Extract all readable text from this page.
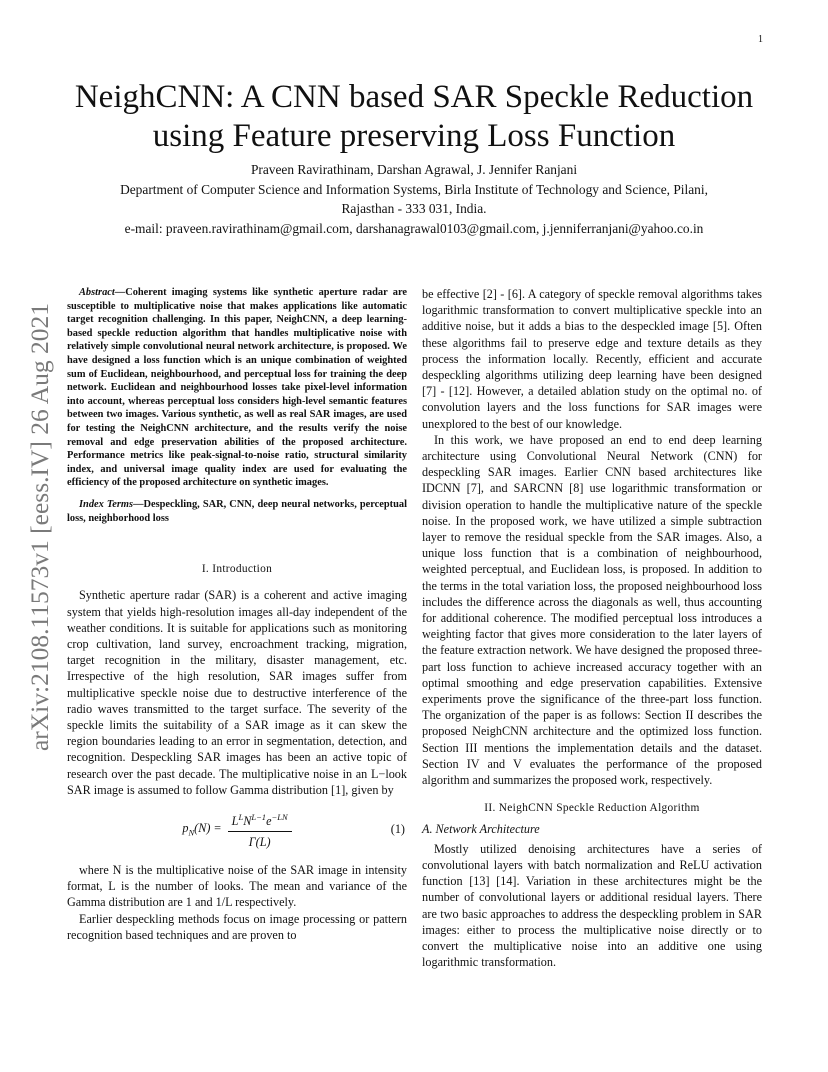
1
arXiv:2108.11573v1 [eess.IV] 26 Aug 2021
NeighCNN: A CNN based SAR Speckle Reduction
using Feature preserving Loss Function
Praveen Ravirathinam, Darshan Agrawal, J. Jennifer Ranjani
Department of Computer Science and Information Systems, Birla Institute of Technology and Science, Pilani,
Rajasthan - 333 031, India.
e-mail: praveen.ravirathinam@gmail.com, darshanagrawal0103@gmail.com, j.jenniferranjani@yahoo.co.in

Abstract—Coherent imaging systems like synthetic aperture radar are susceptible to multiplicative noise that makes applications like automatic target recognition challenging. In this paper, NeighCNN, a deep learning-based speckle reduction algorithm that handles multiplicative noise with relatively simple convolutional neural network architecture, is proposed. We have designed a loss function which is an unique combination of weighted sum of Euclidean, neighbourhood, and perceptual loss for training the deep network. Euclidean and neighbourhood losses take pixel-level information into account, whereas perceptual loss considers high-level semantic features between two images. Various synthetic, as well as real SAR images, are used for testing the NeighCNN architecture, and the results verify the noise removal and edge preservation abilities of the proposed architecture. Performance metrics like peak-signal-to-noise ratio, structural similarity index, and universal image quality index are used for evaluating the efficiency of the proposed architecture on synthetic images.

Index Terms—Despeckling, SAR, CNN, deep neural networks, perceptual loss, neighborhood loss

I. Introduction

Synthetic aperture radar (SAR) is a coherent and active imaging system that yields high-resolution images all-day independent of the weather conditions. It is suitable for applications such as monitoring crop cultivation, land survey, encroachment tracking, migration, target recognition in the military, disaster management, etc. Irrespective of the high resolution, SAR images suffer from multiplicative speckle noise due to destructive interference of the radio waves transmitted to the target surface. The severity of the speckle limits the suitability of a SAR image as it can skew the region boundaries leading to an error in segmentation, detection, and recognition. Despeckling SAR images has been an active topic of research over the past decade. The multiplicative noise in an L−look SAR image is assumed to follow Gamma distribution [1], given by

$p_N(N) = \frac{L^LN^{L-1}e^{-LN}}{\Gamma(L)}$	(1)

where N is the multiplicative noise of the SAR image in intensity format, L is the number of looks. The mean and variance of the Gamma distribution are 1 and 1/L respectively.

Earlier despeckling methods focus on image processing or pattern recognition based techniques and are proven to

be effective [2] - [6]. A category of speckle removal algorithms takes logarithmic transformation to convert multiplicative speckle into an additive noise, but it adds a bias to the despeckled image [5]. Often these algorithms fail to preserve edge and texture details as they process the information locally. Recently, efficient and accurate despeckling algorithms utilizing deep learning have been designed [7] - [12]. However, a detailed ablation study on the optimal no. of convolution layers and the loss functions for SAR images were unexplored to the best of our knowledge.

In this work, we have proposed an end to end deep learning architecture using Convolutional Neural Network (CNN) for despeckling SAR images. Earlier CNN based architectures like IDCNN [7], and SARCNN [8] use logarithmic transformation or division operation to handle the multiplicative nature of the speckle noise. In the proposed work, we have utilized a simple subtraction layer to remove the residual speckle from the SAR images. Also, a unique loss function that is a combination of neighbourhood, weighted perceptual, and Euclidean loss, is proposed. In addition to the terms in the total variation loss, the proposed neighbourhood loss includes the difference across the diagonals as well, thus accounting for additional coherence. The modified perceptual loss introduces a weighting factor that gives more consideration to the later layers of the feature extraction network. We have designed the proposed three-part loss function to achieve increased accuracy together with an optimal smoothing and edge preservation capabilities. Extensive experiments prove the significance of the three-part loss function. The organization of the paper is as follows: Section II describes the proposed NeighCNN architecture and the optimized loss function. Section III mentions the implementation details and the dataset. Section IV and V evaluates the performance of the proposed algorithm and summarizes the proposed work, respectively.

II. NeighCNN Speckle Reduction Algorithm
A. Network Architecture

Mostly utilized denoising architectures have a series of convolutional layers with batch normalization and ReLU activation function [13] [14]. Variation in these architectures might be the number of convolutional layers or additional residual layers. There are two basic approaches to address the despeckling problem in SAR images: either to process the multiplicative noise directly or to convert the multiplicative noise into an additive one using logarithmic transformation.
